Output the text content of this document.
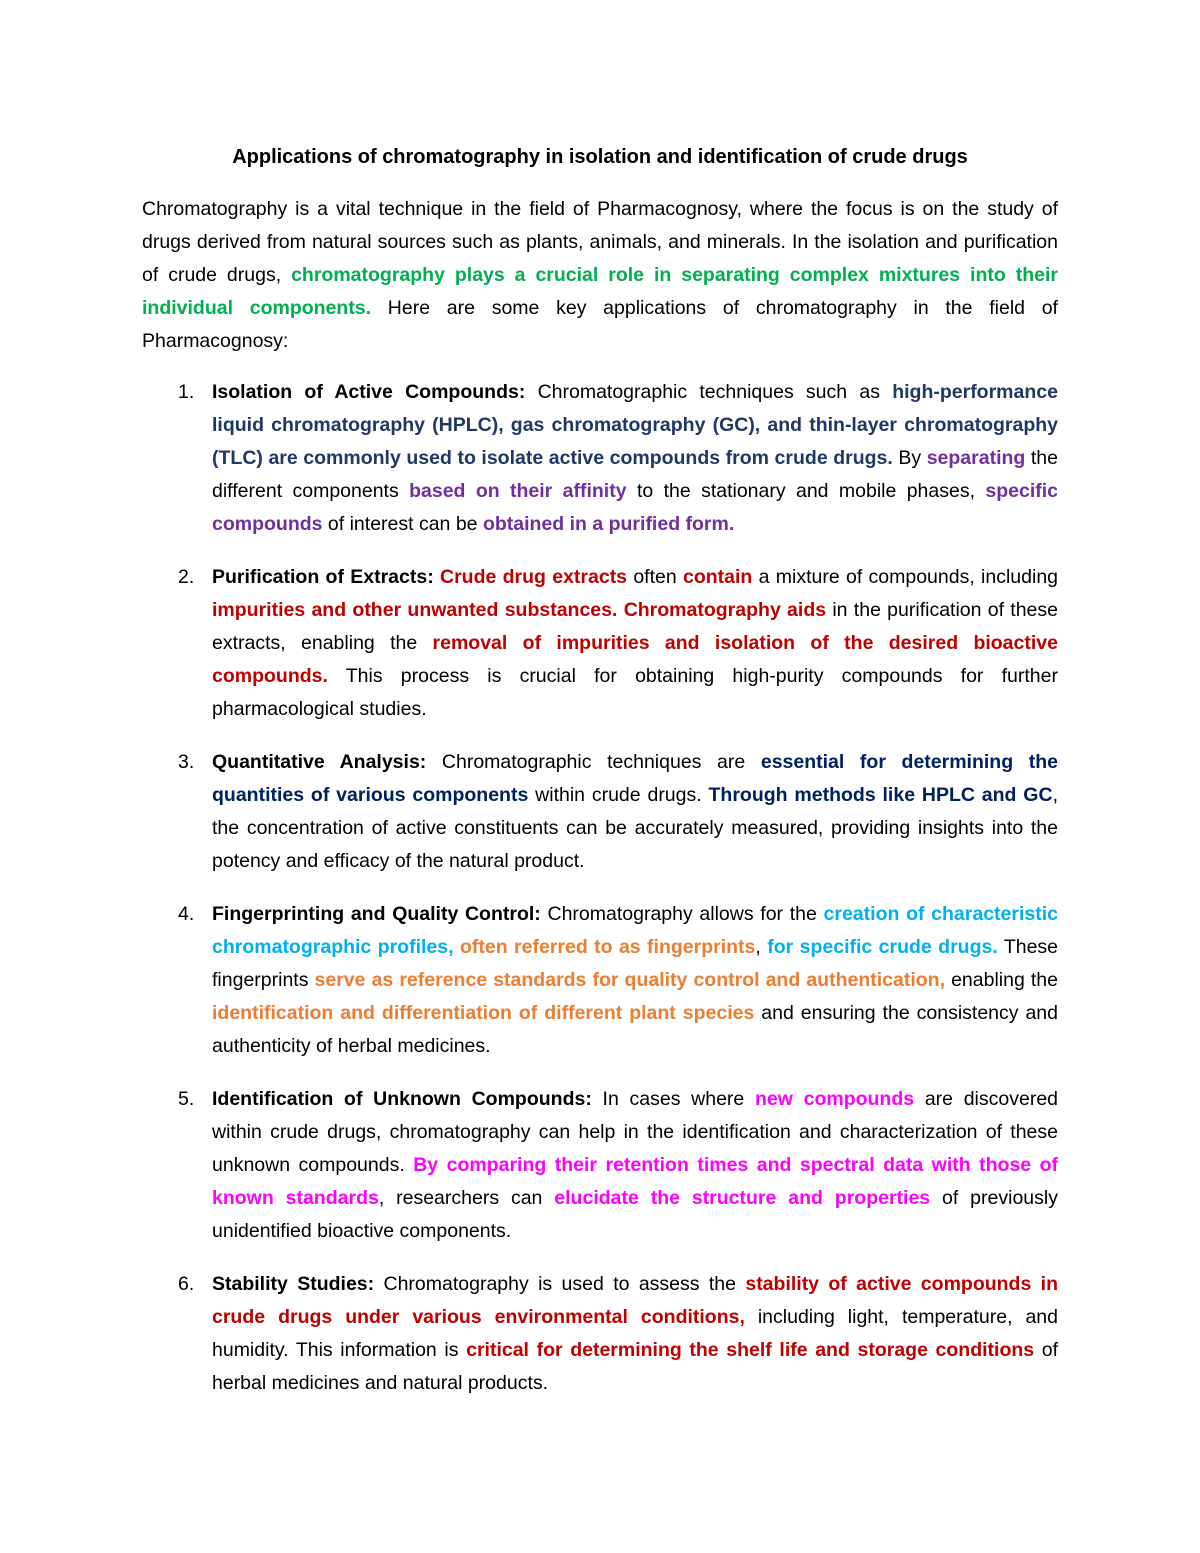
Applications of chromatography in isolation and identification of crude drugs
Chromatography is a vital technique in the field of Pharmacognosy, where the focus is on the study of drugs derived from natural sources such as plants, animals, and minerals. In the isolation and purification of crude drugs, chromatography plays a crucial role in separating complex mixtures into their individual components. Here are some key applications of chromatography in the field of Pharmacognosy:
1. Isolation of Active Compounds: Chromatographic techniques such as high-performance liquid chromatography (HPLC), gas chromatography (GC), and thin-layer chromatography (TLC) are commonly used to isolate active compounds from crude drugs. By separating the different components based on their affinity to the stationary and mobile phases, specific compounds of interest can be obtained in a purified form.
2. Purification of Extracts: Crude drug extracts often contain a mixture of compounds, including impurities and other unwanted substances. Chromatography aids in the purification of these extracts, enabling the removal of impurities and isolation of the desired bioactive compounds. This process is crucial for obtaining high-purity compounds for further pharmacological studies.
3. Quantitative Analysis: Chromatographic techniques are essential for determining the quantities of various components within crude drugs. Through methods like HPLC and GC, the concentration of active constituents can be accurately measured, providing insights into the potency and efficacy of the natural product.
4. Fingerprinting and Quality Control: Chromatography allows for the creation of characteristic chromatographic profiles, often referred to as fingerprints, for specific crude drugs. These fingerprints serve as reference standards for quality control and authentication, enabling the identification and differentiation of different plant species and ensuring the consistency and authenticity of herbal medicines.
5. Identification of Unknown Compounds: In cases where new compounds are discovered within crude drugs, chromatography can help in the identification and characterization of these unknown compounds. By comparing their retention times and spectral data with those of known standards, researchers can elucidate the structure and properties of previously unidentified bioactive components.
6. Stability Studies: Chromatography is used to assess the stability of active compounds in crude drugs under various environmental conditions, including light, temperature, and humidity. This information is critical for determining the shelf life and storage conditions of herbal medicines and natural products.
